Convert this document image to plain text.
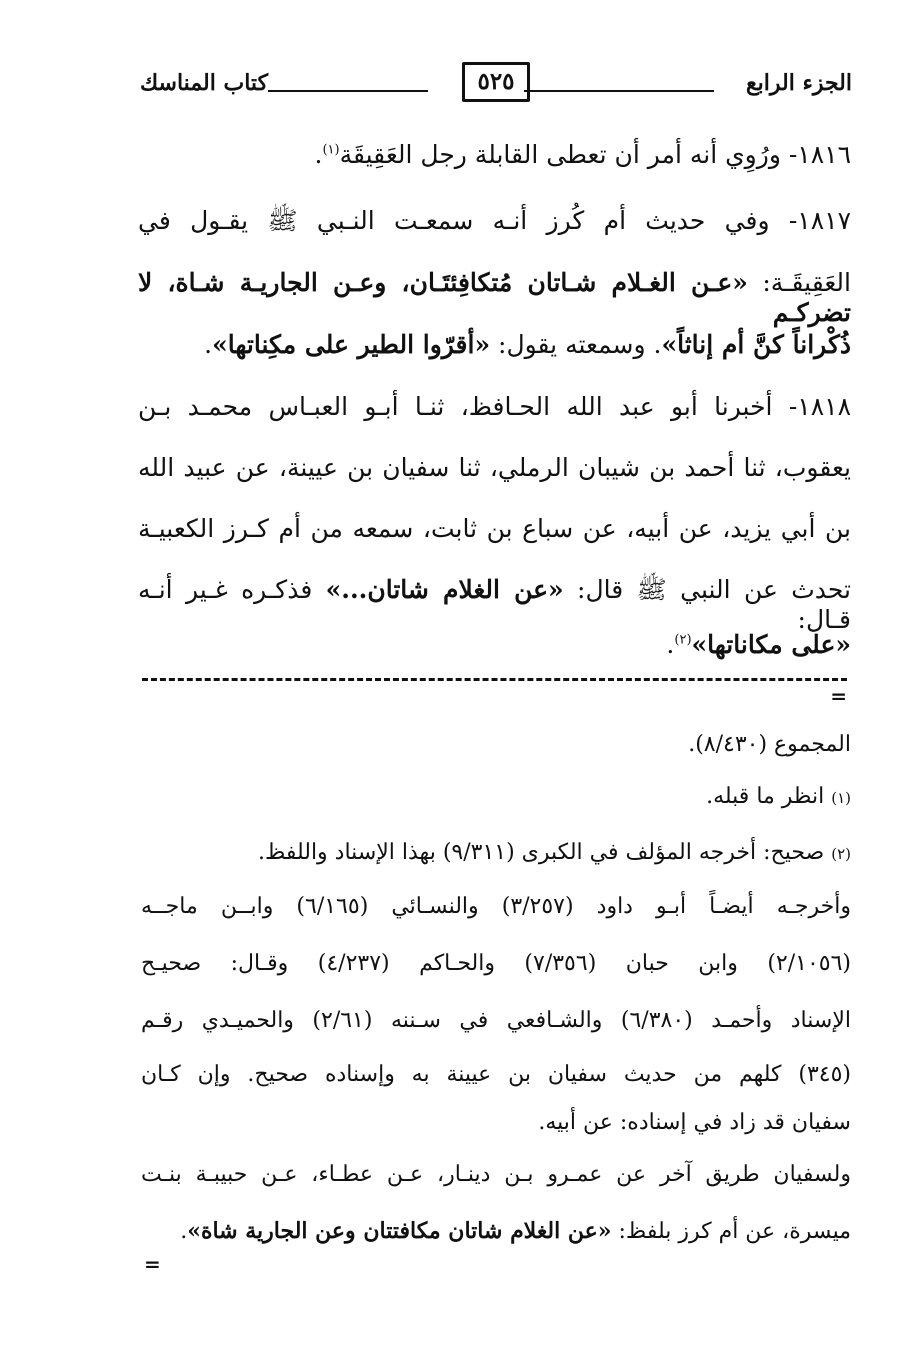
الجزء الرابع
٥٢٥
كتاب المناسك
١٨١٦- ورُوِي أنه أمر أن تعطى القابلة رجل العَقِيقَة$^{(١)}$.
١٨١٧- وفي حديث أم كُرز أنـه سمعـت النـبي ﷺ يقـول في
العَقِيقَـة: «عـن الغـلام شـاتان مُتكافِئتَـان، وعـن الجاريـة شـاة، لا تضركـم
ذُكْراناً كنَّ أم إناثاً». وسمعته يقول: «أقرّوا الطير على مكِناتها».
١٨١٨- أخبرنا أبو عبد الله الحـافظ، ثنـا أبـو العبـاس محمـد بـن
يعقوب، ثنا أحمد بن شيبان الرملي، ثنا سفيان بن عيينة، عن عبيد الله
بن أبي يزيد، عن أبيه، عن سباع بن ثابت، سمعه من أم كـرز الكعبيـة
تحدث عن النبي ﷺ قال: «عن الغلام شاتان...» فذكـره غـير أنـه قـال:
«على مكاناتها»$^{(٢)}$.
=
المجموع (٨/٤٣٠).
(١) انظر ما قبله.
(٢) صحيح: أخرجه المؤلف في الكبرى (٩/٣١١) بهذا الإسناد واللفظ.
وأخرجـه أيضـاً أبـو داود (٣/٢٥٧) والنسـائي (٦/١٦٥) وابــن ماجــه
(٢/١٠٥٦) وابن حبان (٧/٣٥٦) والحـاكم (٤/٢٣٧) وقـال: صحيـح
الإسناد وأحمـد (٦/٣٨٠) والشـافعي في سـننه (٢/٦١) والحميـدي رقـم
(٣٤٥) كلهم من حديث سفيان بن عيينة به وإسناده صحيح. وإن كـان
سفيان قد زاد في إسناده: عن أبيه.
ولسفيان طريق آخر عن عمـرو بـن دينـار، عـن عطـاء، عـن حبيبـة بنـت
ميسرة، عن أم كرز بلفظ: «عن الغلام شاتان مكافتتان وعن الجارية شاة».
=
